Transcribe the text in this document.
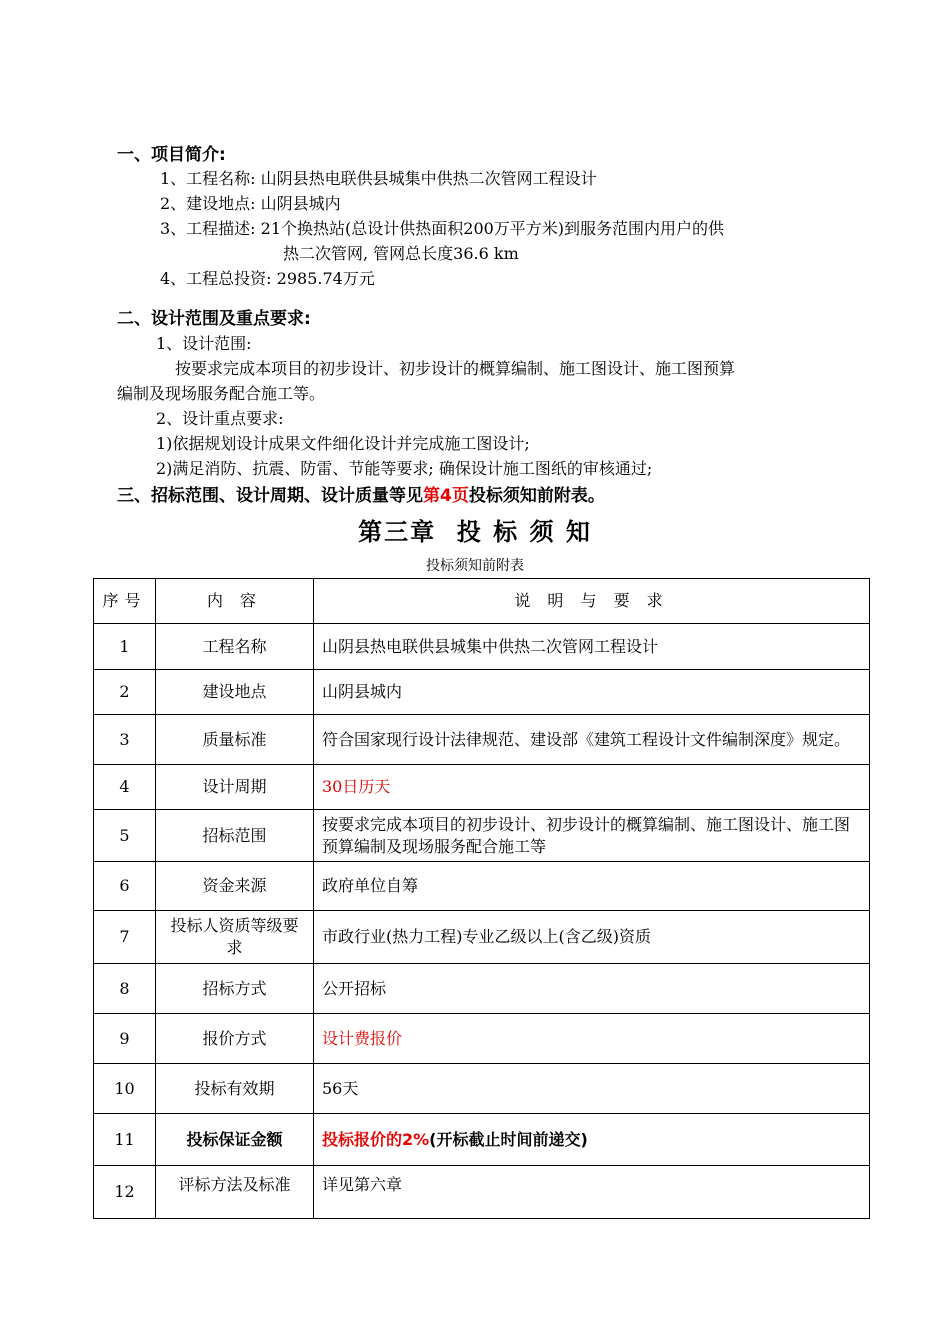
一、项目简介:
1、工程名称: 山阴县热电联供县城集中供热二次管网工程设计
2、建设地点: 山阴县城内
3、工程描述: 21个换热站(总设计供热面积200万平方米)到服务范围内用户的供
热二次管网, 管网总长度36.6 km
4、工程总投资: 2985.74万元
二、设计范围及重点要求:
1、设计范围:
按要求完成本项目的初步设计、初步设计的概算编制、施工图设计、施工图预算
编制及现场服务配合施工等。
2、设计重点要求:
1)依据规划设计成果文件细化设计并完成施工图设计;
2)满足消防、抗震、防雷、节能等要求; 确保设计施工图纸的审核通过;
三、招标范围、设计周期、设计质量等见第4页投标须知前附表。
第三章  投 标 须 知
投标须知前附表
序号	内 容	说 明 与 要 求
1	工程名称	山阴县热电联供县城集中供热二次管网工程设计
2	建设地点	山阴县城内
3	质量标准	符合国家现行设计法律规范、建设部《建筑工程设计文件编制深度》规定。
4	设计周期	30日历天
5	招标范围	按要求完成本项目的初步设计、初步设计的概算编制、施工图设计、施工图预算编制及现场服务配合施工等
6	资金来源	政府单位自筹
7	投标人资质等级要求	市政行业(热力工程)专业乙级以上(含乙级)资质
8	招标方式	公开招标
9	报价方式	设计费报价
10	投标有效期	56天
11	投标保证金额	投标报价的2%(开标截止时间前递交)
12	评标方法及标准	详见第六章
